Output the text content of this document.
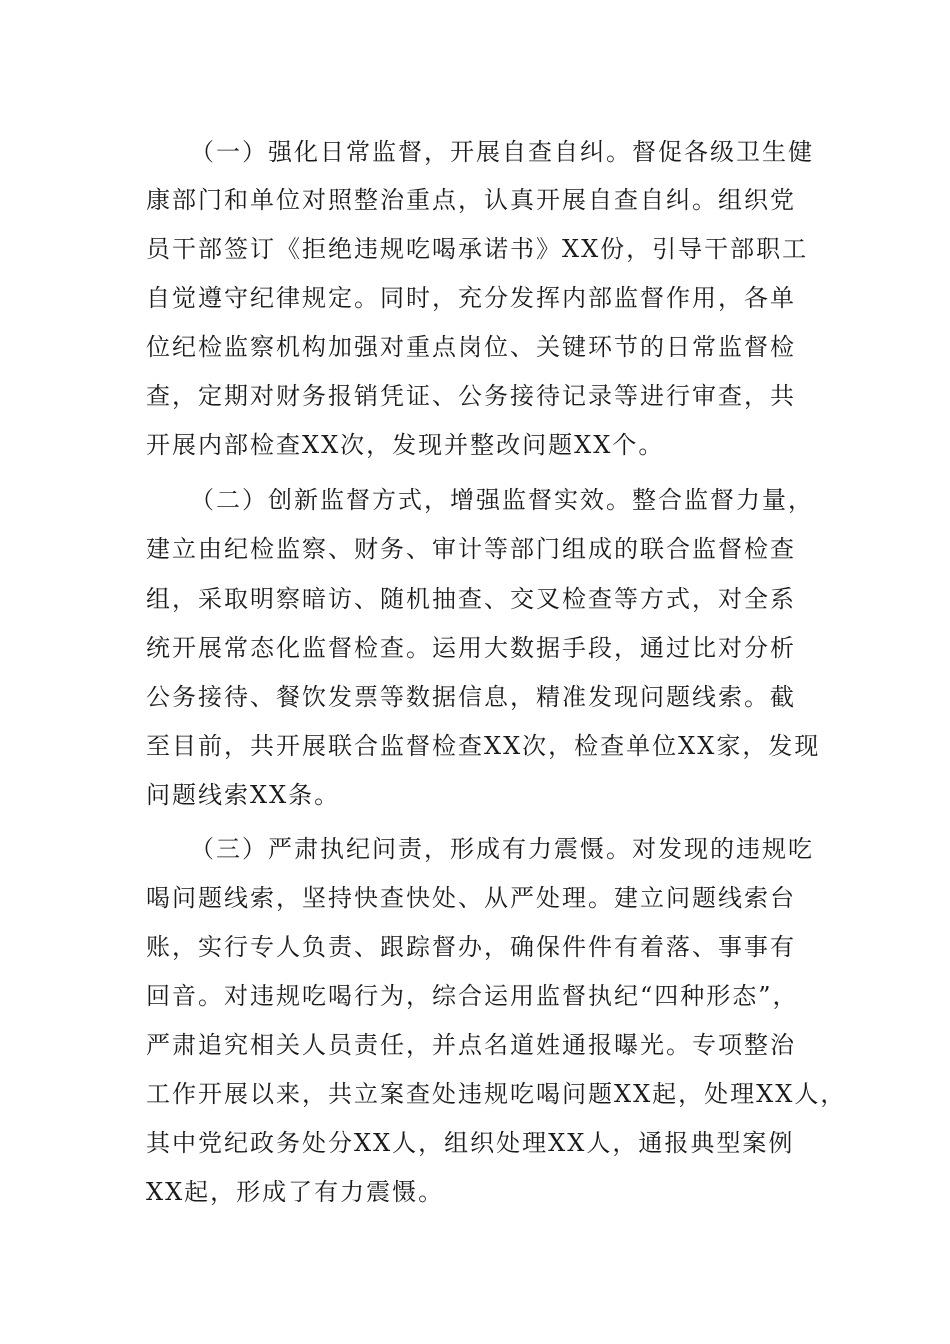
（一）强化日常监督，开展自查自纠。督促各级卫生健
康部门和单位对照整治重点，认真开展自查自纠。组织党
员干部签订《拒绝违规吃喝承诺书》XX份，引导干部职工
自觉遵守纪律规定。同时，充分发挥内部监督作用，各单
位纪检监察机构加强对重点岗位、关键环节的日常监督检
查，定期对财务报销凭证、公务接待记录等进行审查，共
开展内部检查XX次，发现并整改问题XX个。
（二）创新监督方式，增强监督实效。整合监督力量，
建立由纪检监察、财务、审计等部门组成的联合监督检查
组，采取明察暗访、随机抽查、交叉检查等方式，对全系
统开展常态化监督检查。运用大数据手段，通过比对分析
公务接待、餐饮发票等数据信息，精准发现问题线索。截
至目前，共开展联合监督检查XX次，检查单位XX家，发现
问题线索XX条。
（三）严肃执纪问责，形成有力震慑。对发现的违规吃
喝问题线索，坚持快查快处、从严处理。建立问题线索台
账，实行专人负责、跟踪督办，确保件件有着落、事事有
回音。对违规吃喝行为，综合运用监督执纪“四种形态”，
严肃追究相关人员责任，并点名道姓通报曝光。专项整治
工作开展以来，共立案查处违规吃喝问题XX起，处理XX人，
其中党纪政务处分XX人，组织处理XX人，通报典型案例
XX起，形成了有力震慑。
